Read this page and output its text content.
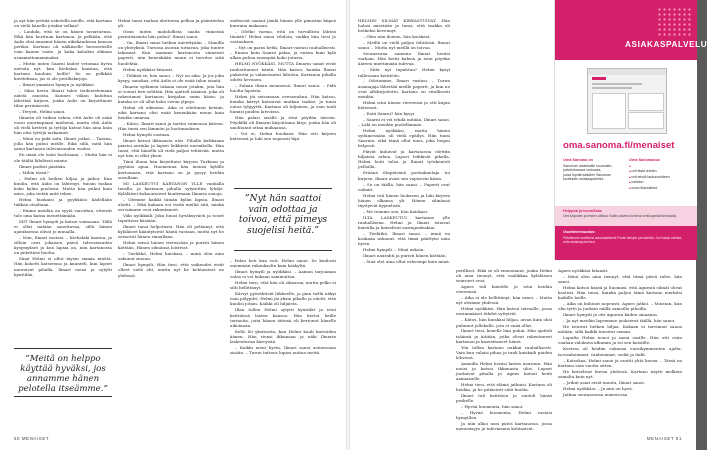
ja nyt hän yrittää uskotella meille, että kartano on vielä hänelle jotakin velkaa?

– Lauhda, että se on hänen tavarinensa. Eikä hän herttuan kartanoa, ja pelkään, että Aulis olisi annanut hänen aikakaudensa kanssa periksi. Kartano oli nälkäselle herrasväelle vain kaunis vaate, ja kuka kaloihin olikaan avaamattomammaksi.

– Mutta miten Saarni laulee vetomaa hyvin metsän nyt, kun Kiehalaa haastaa, että kartano kuuluisi heille? Se on pelkkää kuvitelmaa, jos ei ole perilliskirjoja.

– Ilmari ymmärsi hymyn ja nyökkäsi.

– Siksi herra Ilmari tulee tiedustelemaan näistä asioista. Kunnes viikon kuluttua lähettää kirjeen, jonka Aulis on kirjoittanut tilan perimisestä.

– Teryeit, Helmi sanoi.

Ilmarin oli vaikea uskoa, että Aulis oli enää vuosi nuorimpiaan miehenä, mutta että Aulis oli vielä ketterä ja tyttöja katsoi hän aina kuin hän olisi tyttöjä tarkannut.

– Minä en pidä siitä, Ilmari jatkoi. – Tarana, jolla hän puhui meille. Eikä sillä, mitä hän sanoi kartanon tulevaisuuden vuoksi.

En minä ole enää huolissani. – Mutta hän ei ole täältä lähdössä minne.

Ilmari pudisti päätään.

– Mihin tässä?

– Helmi oli hetken hiljaa ja jatkoi: Kun kuulin, että Aulis on lähtenyt, tunsin tuskaa koko kylän puolesta. Mutta hän puhui kuin mies, joka tietää mitä tekee.

Helmi huokaisi ja pyyhkäisi kädellään tukkaa otsaltaan.

– Emme meidän on syytä varoittaa, etteivät tule oma kansa menettämään.

MIT Ilmari hymyili ja katsoi vaimoaan. Tällä ei ollut mitään sanottavaa, sillä hänen ajatuksensa olivat jo muualla.

– Niin, Ilmari vastasi. – Kiehalaki kaatuu, ja silloin ovat jokaisen päivä tulevaisuuden kysymykset ja kun lapsia on, niin kartanosta on pidettävä huolta.

Siinä Helmi ei ollut täysin samaa mieltä. Hän kohotti katseensa ja kuunteli, kun lapset nauroivat pihalla. Ilmari nousi ja sytytti kynttilän.

”Meitä on helppo käyttää hyväksi, jos annamme hänen pelotella itseämme.”

Helmi tunsi rauhan ulottuvan pelkoa ja pääntiedon yli.

Oisin miten mahdollista saada viimeisiä perintöasioita hän puhui? Ilmari sanoi.

– On, Ilmari sanoi hetken mietittyään. – Minulla on yhteyksiä. Turussa asuvan tuttavan, joka tuntee lakiasiat. Kun saamme kartanosta viimeiset paperit, niin kenenkään muun ei tarvitse siitä huolehtia.

Helmi nyökkäsi hitaasti.

– Tehkää se, hän sanoi. – Nyt on aika. Ja jos joku kysyy, sanokaa, että Aulis ei ole enää talon isäntä.

Ilmarin sydämen takana nousi jotakin, jota hän ei voinut heti selittää. Hän ajatteli isäänsä, joka oli rakentanut kartanon kivijalan omin käsin, ja kuinka se oli ollut koko suvun ylpeys.

Helmi oli oikeassa. Aika ei odottanut ketään, eikä kartano olisi enää kenenkään muun kuin heidän omansa.

– Kiitos, Ilmari sanoi ja tarttui vaimonsa käteen. Hän tunsi sen lämmön ja luottamuksen.

Helmi hymyili vastaan.

Ilmari katsoi ikkunasta ulos. Pihalla kirkkaana paistoi aurinko ja lapset leikkivät nurmikolla. Hän tunsi, että hänellä oli vielä paljon tehtävää, mutta nyt hän ei ollut yksin.

Tänä iltana hän kirjoittaisi kirjeen Turkuun ja pyytäisi apua. Huomenna hän menisi kylälle kertomaan, että kartano on ja pysyy heidän suvullaan.

MI LASKEUTUI KARTANON YLLE vanhalla tavalla, ja kartanon pihalla sytytettiin lyhdyt. Kyläläiset kokoontuivat kuulemaan Ilmarin sanoja.

– Olemme kaikki tämän kylän lapsia, Ilmari aloitti. – Eikä kukaan voi viedä meiltä sitä, minkä esi-isämme ovat rakentaneet.

Väki nyökkäili. Joku huusi hyväksyvästi ja toiset taputtivat käsiään.

Ilmari tunsi helpotusta. Hän oli pelännyt, että kyläläiset kääntyisivät häntä vastaan, mutta nyt he seisoivat hänen rinnallaan.

Helmi seisoi hänen vieressään ja puristi hänen kättään. Hänen silmänsä loistivat.

– Tiedätkö, Helmi kuiskasi, – minä olen aina uskonut sinuun.

Ilmari hymyili. Hän tiesi, että vaikeudet eivät olleet vielä ohi, mutta nyt he kohtaisivat ne yhdessä.

endisestä saanut jäädä hänen ylle pimeään kiipeä kuurana maksaan.

– Oletko varma, että on turvallista lähteä tänään? Helmi sanoi vihdoin, vaikka hän tiesi jo vastauksen.

– Nyt on paras hetki, Ilmari vastasi rauhallisesti. – Ennen kuin Saarni palaa, ja ennen kuin kylä alkaa puhua enempää koko jutusta.

HELMI NYÖKKÄSI, MUTTA Ilmarin sanat eivät rauhoittaneet häntä. Hän katsoi, kuinka Ilmari pukeutui ja valmistautui lähtöön. Kartanon pihalla odotti hevonen.

– Palaan iltaan mennessä, Ilmari sanoi. – Pidä huolta lapsista.

Helmi jäi seisomaan ovensuuhun. Hän katsoi, kuinka kärryt katosivat mutkan taakse, ja tunsi outoa tyhjyyttä. Kartano oli hiljainen, ja vain tuuli humisi puiden latvoissa.

Hän palasi sisälle ja istui pöydän ääreen. Pöydällä oli Ilmarin kirjoittama kirje, jonka hän oli unohtanut ottaa mukaansa.

– Voi ei, Helmi huokaisi. Hän otti kirjeen käteensä ja luki sen nopeasti läpi.

”Nyt hän saattoi vain odottaa ja toivoa, että pimeys suojelisi heitä.”

– Palaa heti kun voit, Helmi sanoi. Se kuulosti enemmän rukoukselta kuin käskyltä.

Ilmari hymyili ja nyökkäsi. – Aamun tarjoamaa valoa ei voi kukaan sammuttaa.

Helmi tiesi, että hän oli oikeassa, mutta pelko ei silti hellittänyt.

Kärryt pyörähtivät liikkeelle, ja pian tiellä näkyi vain pölypilvi. Helmi jäi yksin pihalle ja odotti, että kuulisi jotain. Kaikki oli hiljaista.

Illan tullen Helmi sytytti kynttilät ja istui keittiössä lasten kanssa. Hän kertoi heille tarinoita, joita hänen äitinsä oli kertonut hänelle aikoinaan.

Kello löi yksitoista, kun Helmi kuuli kavioiden äänen. Hän riensi ikkunaan ja näki Ilmarin laskeutuvan kärryistä.

– Kaikki meni hyvin, Ilmari sanoi astuessaan sisään. – Turun tuttava lupasi auttaa meitä.

50 MENAISET

HELMIN SILMÄT KIRKASTUIVAT. Hän halasi miestään ja tunsi, että taakka oli hetkeksi kevennyt.

– Olen niin iloinen, hän kuiskasi.

– Meillä on vielä paljon tehtävää, Ilmari sanoi. – Mutta nyt meillä on toivoa.

Seuraavana aamuna Ilmari heräsi varhain. Hän keitti kahvia ja istui pöydän ääreen miettimään tulevaa.

– Mitä nyt tapahtuu? Helmi kysyi tullessaan keittiöön.

– Odotamme, Ilmari vastasi. – Turun asianajaja lähettää meille paperit, ja kun ne ovat allekirjoitettu, kartano on virallisesti meidän.

Helmi istui hänen viereensä ja otti kupin käteensä.

– Entä Saarni? hän kysyi.

– Saarni ei voi tehdä mitään, Ilmari sanoi. – Laki on meidän puolellamme.

Helmi nyökkäsi, mutta hänen sydämessään oli vielä epäilys. Hän tunsi Saarnin, eikä tämä ollut mies, joka luopui helposti.

Päivät kuluivat ja kartanossa elettiin hiljaista arkea. Lapset leikkivät pihalla, Helmi hoiti taloa ja Ilmari työskenteli pelloilla.

Eräänä iltapäivänä postinkantaja toi kirjeen. Ilmari avasi sen vapisevin käsin.

– Se on täällä, hän sanoi. – Paperit ovat valmiit.

Helmi tuli hänen luokseen ja luki kirjeen hänen olkansa yli. Hänen silmänsä täyttyivät kyynelistä.

– Me teimme sen, hän kuiskasi.

ILTA LASKEUTUI kartanon ylle rauhallisena. Helmi ja Ilmari istuivat kuistilla ja katselivat auringonlaskua.

– Tiedätkö, Ilmari sanoi, – minä en koskaan uskonut, että tämä päättyisi näin hyvin.

Helmi hymyili. – Minä uskoin.

Ilmari naurahti ja puristi hänen kättään.

– Sinä olet aina ollut vahvempi kuin minä.

perilliset. Eikä se oli ennustanut, jonka Helmi oli aina tiennyt, että vaalikkaa kyläläisen seurueet ovat.

Agnes tuli kuistille ja istui heidän viereensä.

– Aika ei ole hellittänyt, hän sanoi. – Mutta nyt olemme yhdessä.

Helmi nyökkäsi. Hän katsoi taivaalle, jossa ensimmäiset tähdet syttyivät.

– Kiitos, hän kuiskasi hiljaa, aivan kuin olisi puhunut jollekulle, jota ei enää ollut.

Ilmari tiesi, kenelle hän puhui. Hän ajatteli isäänsä ja äitiään, jotka olivat rakentaneet kartanon ja kasvattaneet hänet.

Yön tullen kartano nukkui rauhallisesti. Vain kuu valaisi pihaa ja tuuli kuiskaili puiden lehvissä.

Aamulla Helmi heräsi lasten nauruun. Hän nousi ja katsoi ikkunasta ulos. Lapset juoksivat pihalla ja Agnes kutsui heitä aamiaiselle.

Helmi tiesi, että elämä jatkuisi. Kartano oli heidän, ja he pitäisivät siitä huolta.

Ilmari tuli keittiöön ja suuteli häntä poskelle.

– Hyvää huomenta, hän sanoi.

– Hyvää huomenta, Helmi vastasi hymyillen.

Ja niin alkoi uusi päivä kartanossa, jossa menneisyys ja tulevaisuus kohtasivat.

Agnes nyökkäsi hitaasti.

– Minä olen aina tiennyt, että tämä päivä tulee, hän sanoi.

Helmi katsoi häntä ja huomasi, että Agnesin silmät olivat kosteat. Hän tunsi, kuinka paljon tämä kartano merkitsi kaikille heille.

– Aika on kulunut nopeasti, Agnes jatkoi. – Muistan, kun olin tyttö ja juoksin näillä samoilla pihoilla.

Ilmari hymyili ja otti Agnesin käden omaansa.

– Ja nyt meidän lapsemme juoksevat täällä, hän sanoi.

He istuivat hetken hiljaa. Kukaan ei tarvinnut sanoa mitään, sillä kaikki tunsivat saman.

Lopulta Helmi nousi ja meni sisälle. Hän otti esiin vanhan valokuva-albumin ja toi sen kuistille.

Kuvissa oli heidän sukunsa vuosikymmenten ajalta: isovanhemmat, vanhemmat, sedät ja tädit.

– Katsokaa, Helmi sanoi ja osoitti yhtä kuvaa. – Tässä on kartano sata vuotta sitten.

He katselivat kuvaa yhdessä. Kartano näytti melkein samalta kuin nyt.

– Jotkut asiat eivät muutu, Ilmari sanoi.

Helmi nyökkäsi. – Ja niin on hyvä.

Jatkuu seuraavassa numerossa

MENAISET 51
ASIAKASPALVELU
oma.sanoma.fi/menaiset
Oma Sanoma on
Sanoman asiakkaille suunnattu
palvelukanava verkossa,
jossa löydät kaikkien Sanoman
tuotteiden asiakaspalvelut.
Oma Sanomassa
■ ■ voit tilata lehden
■ voit tehdä laskuosoitteen
■ vaihdon
■ sinun tilaustiedot
Helppoa ja turvallista:
Olet lukijoiden ja lehden välissä. Kaikki palvelut toimivat verkkopankkitunnuksilla.
Osoitteenmuutos:
Päivitämme osoitteesi automaattisesti Postin tietojen perusteella. Jos haluat vaihtaa, soita asiakaspalveluun.
